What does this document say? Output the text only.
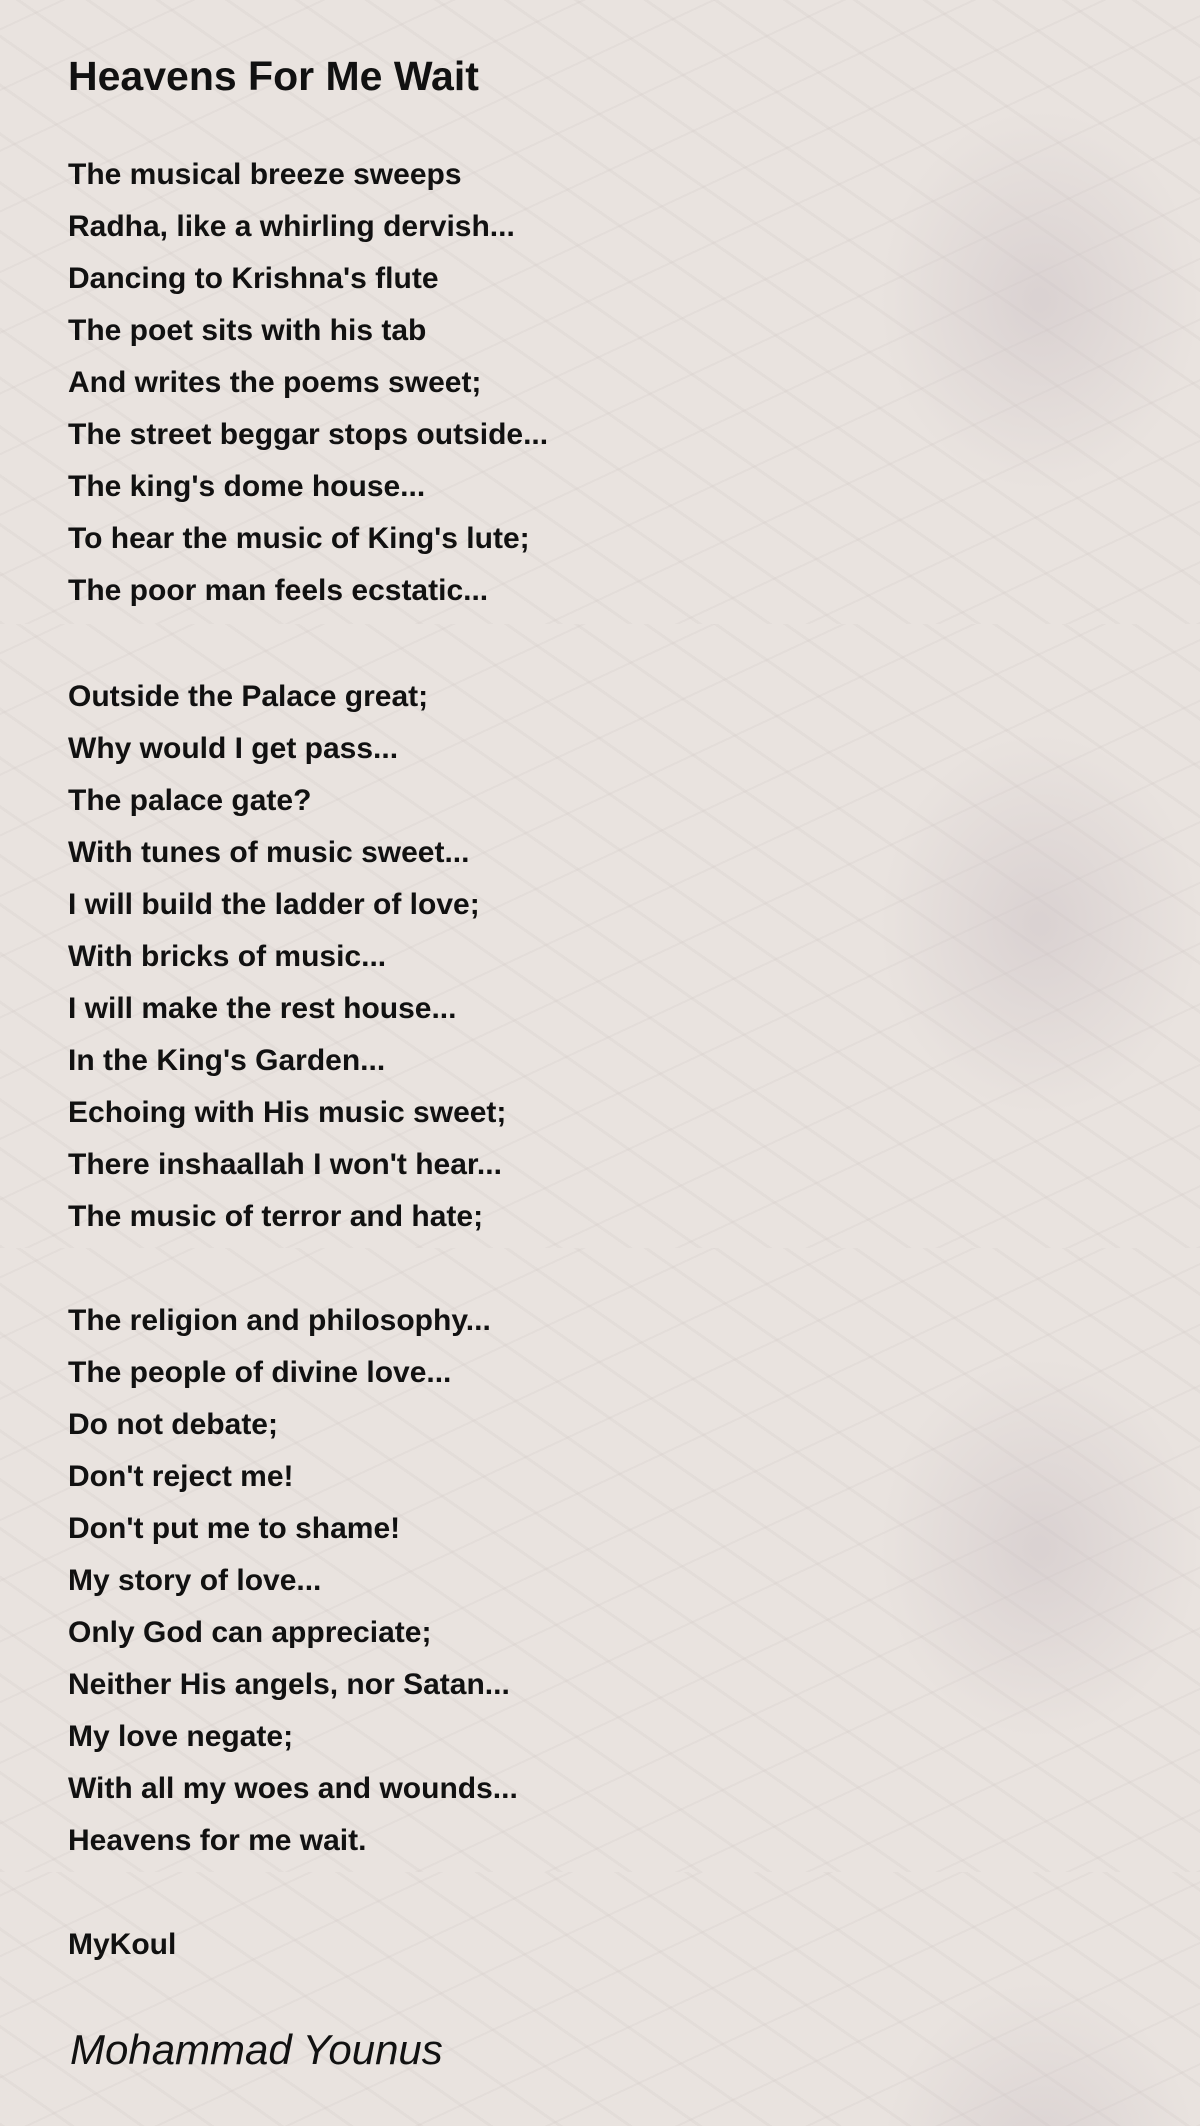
Heavens For Me Wait
The musical breeze sweeps
Radha, like a whirling dervish...
Dancing to Krishna's flute
The poet sits with his tab
And writes the poems sweet;
The street beggar stops outside...
The king's dome house...
To hear the music of King's lute;
The poor man feels ecstatic...
Outside the Palace great;
Why would I get pass...
The palace gate?
With tunes of music sweet...
I will build the ladder of love;
With bricks of music...
I will make the rest house...
In the King's Garden...
Echoing with His music sweet;
There inshaallah I won't hear...
The music of terror and hate;
The religion and philosophy...
The people of divine love...
Do not debate;
Don't reject me!
Don't put me to shame!
My story of love...
Only God can appreciate;
Neither His angels, nor Satan...
My love negate;
With all my woes and wounds...
Heavens for me wait.
MyKoul
Mohammad Younus
